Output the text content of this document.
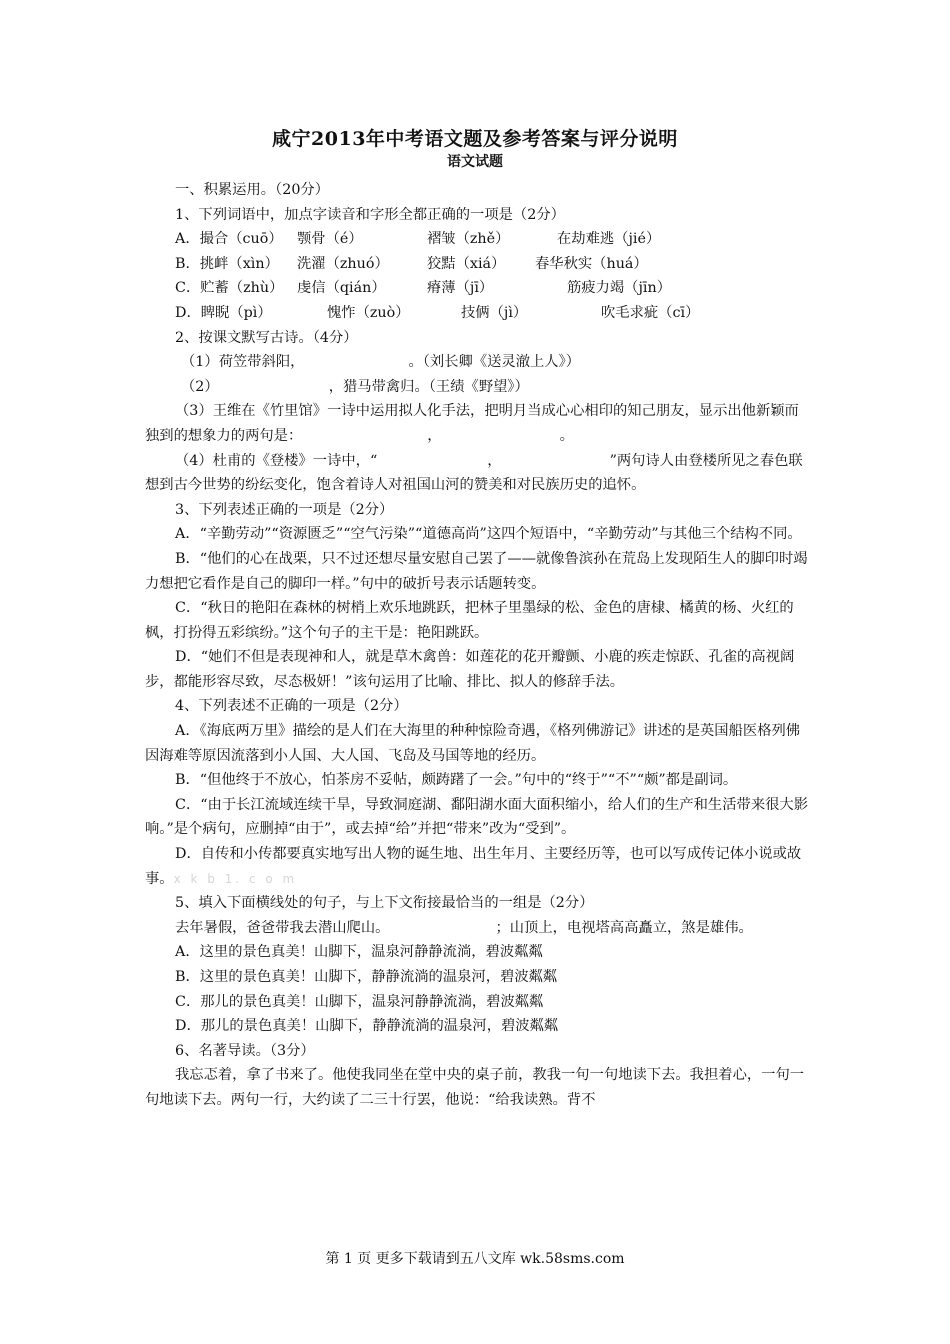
咸宁2013年中考语文题及参考答案与评分说明

语文试题

一、积累运用。（20分）

1、下列词语中，加点字读音和字形全都正确的一项是（2分）

A．撮合（cuō） 颚骨（é）	褶皱（zhě）	在劫难逃（jié）

B．挑衅（xìn） 洗濯（zhuó）	狡黠（xiá） 春华秋实（huá）

C．贮蓄（zhù） 虔信（qián）	瘠薄（jī）	筋疲力竭（jīn）

D．睥睨（pì）	愧怍（zuò）	技俩（jì）	吹毛求疵（cī）

2、按课文默写古诗。（4分）

（1）荷笠带斜阳，	。（刘长卿《送灵澈上人》）

（2）	，猎马带禽归。（王绩《野望》）

（3）王维在《竹里馆》一诗中运用拟人化手法，把明月当成心心相印的知己朋友，显示出他新颖而独到的想象力的两句是：	，	。

（4）杜甫的《登楼》一诗中，“	，	”两句诗人由登楼所见之春色联想到古今世势的纷纭变化，饱含着诗人对祖国山河的赞美和对民族历史的追怀。

3、下列表述正确的一项是（2分）

A．“辛勤劳动”“资源匮乏”“空气污染”“道德高尚”这四个短语中，“辛勤劳动”与其他三个结构不同。

B．“他们的心在战栗，只不过还想尽量安慰自己罢了——就像鲁滨孙在荒岛上发现陌生人的脚印时竭力想把它看作是自己的脚印一样。”句中的破折号表示话题转变。

C．“秋日的艳阳在森林的树梢上欢乐地跳跃，把林子里墨绿的松、金色的唐棣、橘黄的杨、火红的枫，打扮得五彩缤纷。”这个句子的主干是：艳阳跳跃。

D．“她们不但是表现神和人，就是草木禽兽：如莲花的花开瓣颤、小鹿的疾走惊跃、孔雀的高视阔步，都能形容尽致，尽态极妍！”该句运用了比喻、排比、拟人的修辞手法。

4、下列表述不正确的一项是（2分）

A．《海底两万里》描绘的是人们在大海里的种种惊险奇遇，《格列佛游记》讲述的是英国船医格列佛因海难等原因流落到小人国、大人国、飞岛及马国等地的经历。

B．“但他终于不放心，怕茶房不妥帖，颇踌躇了一会。”句中的“终于”“不”“颇”都是副词。

C．“由于长江流域连续干旱，导致洞庭湖、鄱阳湖水面大面积缩小，给人们的生产和生活带来很大影响。”是个病句，应删掉“由于”，或去掉“给”并把“带来”改为“受到”。

D．自传和小传都要真实地写出人物的诞生地、出生年月、主要经历等，也可以写成传记体小说或故事。x k b 1. c o m

5、填入下面横线处的句子，与上下文衔接最恰当的一组是（2分）

去年暑假，爸爸带我去潜山爬山。	；山顶上，电视塔高高矗立，煞是雄伟。

A．这里的景色真美！山脚下，温泉河静静流淌，碧波粼粼

B．这里的景色真美！山脚下，静静流淌的温泉河，碧波粼粼

C．那儿的景色真美！山脚下，温泉河静静流淌，碧波粼粼

D．那儿的景色真美！山脚下，静静流淌的温泉河，碧波粼粼

6、名著导读。（3分）

我忘忑着，拿了书来了。他使我同坐在堂中央的桌子前，教我一句一句地读下去。我担着心，一句一句地读下去。两句一行，大约读了二三十行罢，他说：“给我读熟。背不

第 1 页 更多下载请到五八文库 wk.58sms.com
